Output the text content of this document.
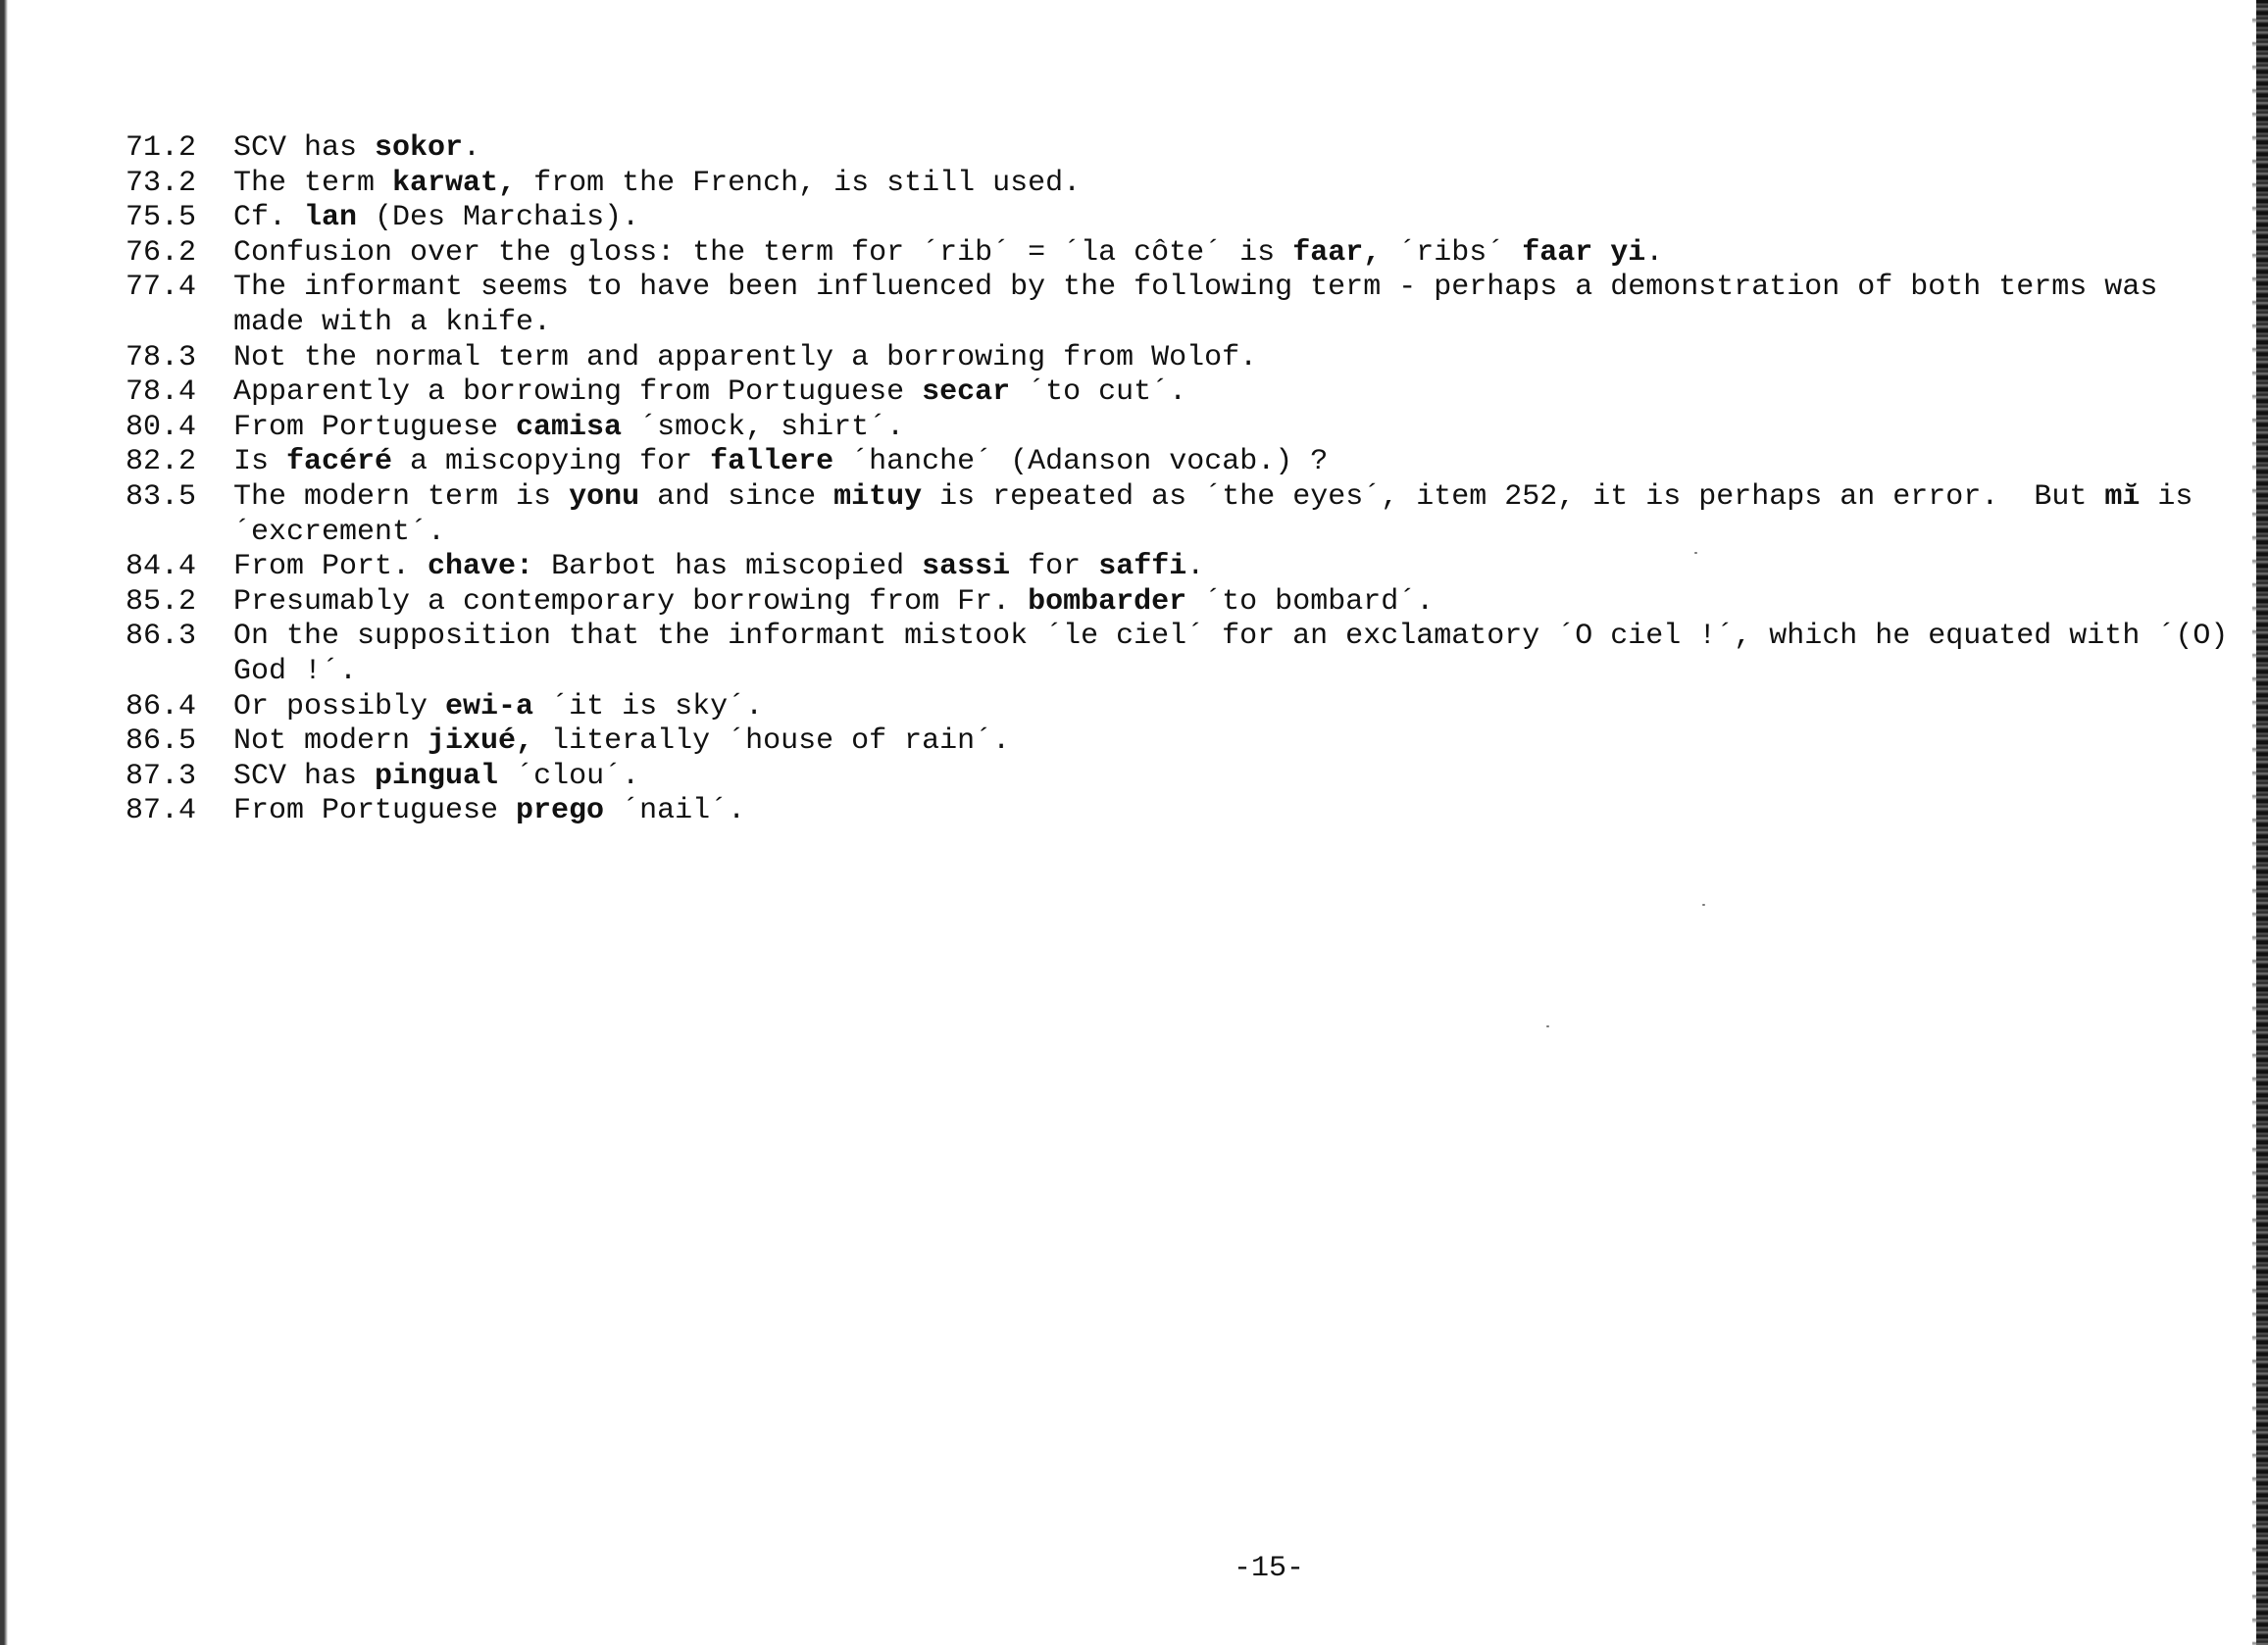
71.2	SCV has sokor.
73.2	The term karwat, from the French, is still used.
75.5	Cf. lan (Des Marchais).
76.2	Confusion over the gloss: the term for ´rib´ = ´la côte´ is faar, ´ribs´ faar yi.
77.4	The informant seems to have been influenced by the following term - perhaps a demonstration of both terms was made with a knife.
78.3	Not the normal term and apparently a borrowing from Wolof.
78.4	Apparently a borrowing from Portuguese secar ´to cut´.
80.4	From Portuguese camisa ´smock, shirt´.
82.2	Is facéré a miscopying for fallere ´hanche´ (Adanson vocab.) ?
83.5	The modern term is yonu and since mituy is repeated as ´the eyes´, item 252, it is perhaps an error.  But mĭ is ´excrement´.
84.4	From Port. chave: Barbot has miscopied sassi for saffi.
85.2	Presumably a contemporary borrowing from Fr. bombarder ´to bombard´.
86.3	On the supposition that the informant mistook ´le ciel´ for an exclamatory ´O ciel !´, which he equated with ´(O) God !´.
86.4	Or possibly ewi-a ´it is sky´.
86.5	Not modern jixué, literally ´house of rain´.
87.3	SCV has pingual ´clou´.
87.4	From Portuguese prego ´nail´.
-15-
